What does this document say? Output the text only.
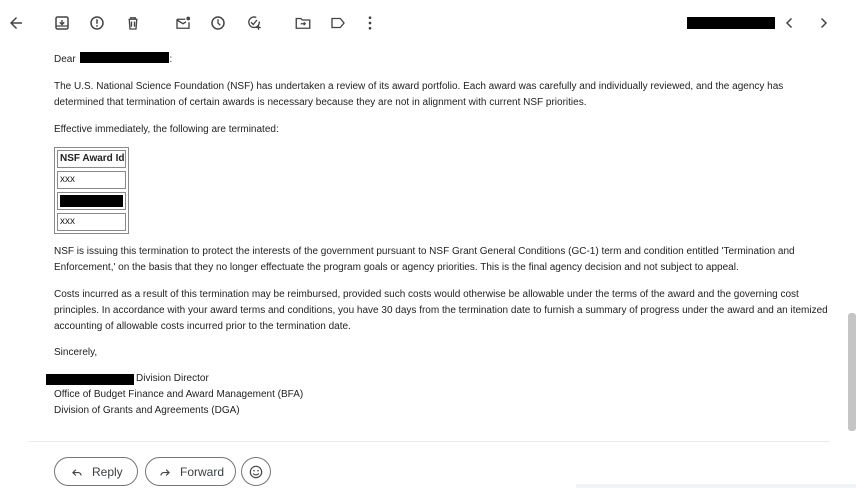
Dear	:
The U.S. National Science Foundation (NSF) has undertaken a review of its award portfolio. Each award was carefully and individually reviewed, and the agency has determined that termination of certain awards is necessary because they are not in alignment with current NSF priorities.
Effective immediately, the following are terminated:
NSF Award Id
xxx
xxx
NSF is issuing this termination to protect the interests of the government pursuant to NSF Grant General Conditions (GC-1) term and condition entitled 'Termination and Enforcement,' on the basis that they no longer effectuate the program goals or agency priorities. This is the final agency decision and not subject to appeal.
Costs incurred as a result of this termination may be reimbursed, provided such costs would otherwise be allowable under the terms of the award and the governing cost principles. In accordance with your award terms and conditions, you have 30 days from the termination date to furnish a summary of progress under the award and an itemized accounting of allowable costs incurred prior to the termination date.
Sincerely,
Division Director
Office of Budget Finance and Award Management (BFA)
Division of Grants and Agreements (DGA)
Reply	Forward
